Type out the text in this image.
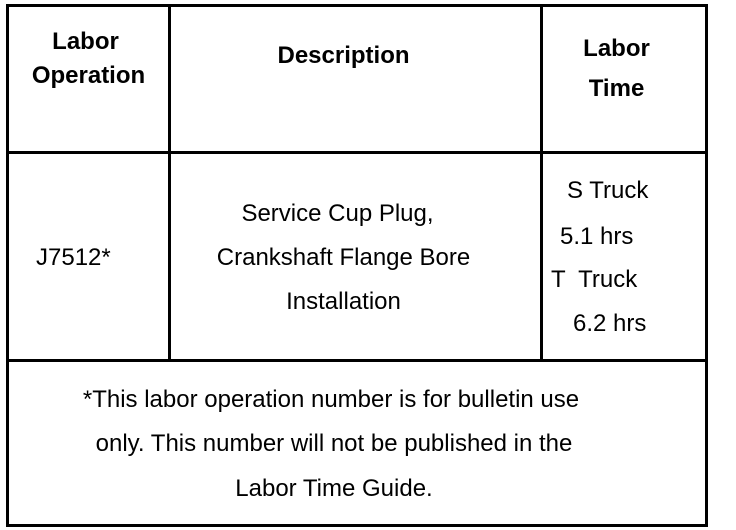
Labor
Operation
Description	Labor
Time
J7512*
Service Cup Plug,
Crankshaft Flange Bore
Installation
S Truck
5.1 hrs
T  Truck
6.2 hrs
*This labor operation number is for bulletin use
only. This number will not be published in the
Labor Time Guide.
